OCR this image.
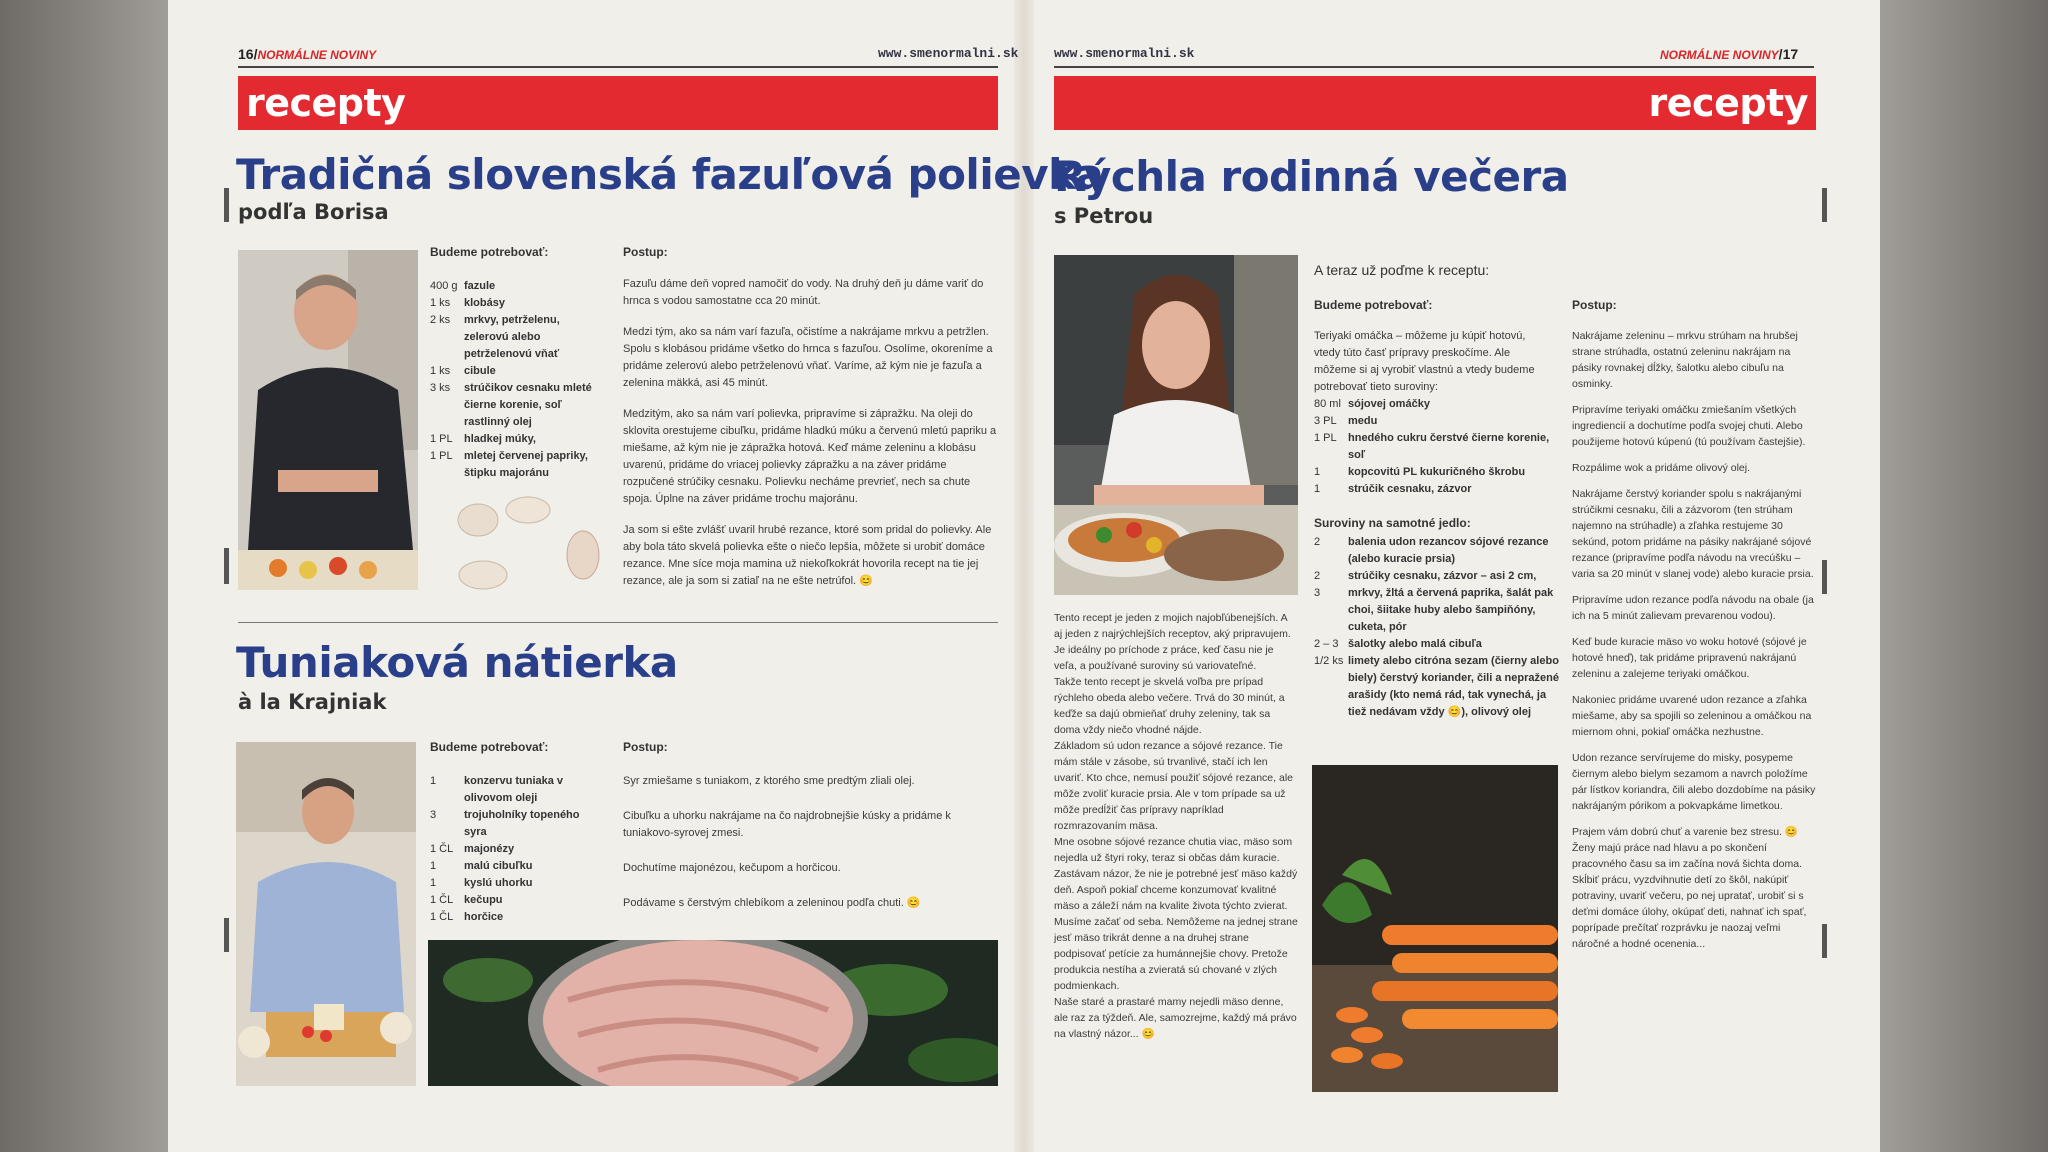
16/NORMÁLNE NOVINY	www.smenormalni.sk
recepty
Tradičná slovenská fazuľová polievka
podľa Borisa
Budeme potrebovať:
400 g fazule
1 ks	klobásy
2 ks	mrkvy, petrželenu, zelerovú alebo petrželenovú vňať
1 ks	cibule
3 ks	strúčikov cesnaku mleté čierne korenie, soľ rastlinný olej
1 PL	hladkej múky,
1 PL	mletej červenej papriky, štipku majoránu
Postup:

Fazuľu dáme deň vopred namočiť do vody. Na druhý deň ju dáme variť do hrnca s vodou samostatne cca 20 minút.

Medzi tým, ako sa nám varí fazuľa, očistíme a nakrájame mrkvu a petržlen. Spolu s klobásou pridáme všetko do hrnca s fazuľou. Osolíme, okoreníme a pridáme zelerovú alebo petrželenovú vňať. Varíme, až kým nie je fazuľa a zelenina mäkká, asi 45 minút.

Medzitým, ako sa nám varí polievka, pripravíme si zápražku. Na oleji do sklovita orestujeme cibuľku, pridáme hladkú múku a červenú mletú papriku a miešame, až kým nie je zápražka hotová. Keď máme zeleninu a klobásu uvarenú, pridáme do vriacej polievky zápražku a na záver pridáme rozpučené strúčiky cesnaku. Polievku necháme prevrieť, nech sa chute spoja. Úplne na záver pridáme trochu majoránu.

Ja som si ešte zvlášť uvaril hrubé rezance, ktoré som pridal do polievky. Ale aby bola táto skvelá polievka ešte o niečo lepšia, môžete si urobiť domáce rezance. Mne síce moja mamina už niekoľkokrát hovorila recept na tie jej rezance, ale ja som si zatiaľ na ne ešte netrúfol. 😊

Tuniaková nátierka
à la Krajniak
Budeme potrebovať:
1	konzervu tuniaka v olivovom oleji
3	trojuholníky topeného syra
1 ČL majonézy
1	malú cibuľku
1	kyslú uhorku
1 ČL kečupu
1 ČL horčice
Postup:

Syr zmiešame s tuniakom, z ktorého sme predtým zliali olej.

Cibuľku a uhorku nakrájame na čo najdrobnejšie kúsky a pridáme k tuniakovo-syrovej zmesi.

Dochutíme majonézou, kečupom a horčicou.

Podávame s čerstvým chlebíkom a zeleninou podľa chuti. 😊

www.smenormalni.sk	NORMÁLNE NOVINY/17
recepty
Rýchla rodinná večera
s Petrou

Tento recept je jeden z mojich najobľúbenejších. A aj jeden z najrýchlejších receptov, aký pripravujem. Je ideálny po príchode z práce, keď času nie je veľa, a používané suroviny sú variovateľné.

Takže tento recept je skvelá voľba pre prípad rýchleho obeda alebo večere. Trvá do 30 minút, a keďže sa dajú obmieňať druhy zeleniny, tak sa doma vždy niečo vhodné nájde.

Základom sú udon rezance a sójové rezance. Tie mám stále v zásobe, sú trvanlivé, stačí ich len uvariť. Kto chce, nemusí použiť sójové rezance, ale môže zvoliť kuracie prsia. Ale v tom prípade sa už môže predĺžiť čas prípravy napríklad rozmrazovaním mäsa.

Mne osobne sójové rezance chutia viac, mäso som nejedla už štyri roky, teraz si občas dám kuracie. Zastávam názor, že nie je potrebné jesť mäso každý deň. Aspoň pokiaľ chceme konzumovať kvalitné mäso a záleží nám na kvalite života týchto zvierat. Musíme začať od seba. Nemôžeme na jednej strane jesť mäso trikrát denne a na druhej strane podpisovať petície za humánnejšie chovy. Pretože produkcia nestíha a zvieratá sú chované v zlých podmienkach.

Naše staré a prastaré mamy nejedli mäso denne, ale raz za týždeň. Ale, samozrejme, každý má právo na vlastný názor... 😊

A teraz už poďme k receptu:
Budeme potrebovať:
Teriyaki omáčka – môžeme ju kúpiť hotovú, vtedy túto časť prípravy preskočíme. Ale môžeme si aj vyrobiť vlastnú a vtedy budeme potrebovať tieto suroviny:
80 ml sójovej omáčky
3 PL	medu
1 PL	hnedého cukru čerstvé čierne korenie, soľ
1	kopcovitú PL kukuričného škrobu
1	strúčik cesnaku, zázvor
Suroviny na samotné jedlo:
2	balenia udon rezancov sójové rezance (alebo kuracie prsia)
2	strúčiky cesnaku, zázvor – asi 2 cm,
3	mrkvy, žltá a červená paprika, šalát pak choi, šiitake huby alebo šampiňóny, cuketa, pór
2 – 3 šalotky alebo malá cibuľa
1/2 ks limety alebo citróna sezam (čierny alebo biely) čerstvý koriander, čili a nepražené arašidy (kto nemá rád, tak vynechá, ja tiež nedávam vždy 😊), olivový olej
Postup:

Nakrájame zeleninu – mrkvu strúham na hrubšej strane strúhadla, ostatnú zeleninu nakrájam na pásiky rovnakej dĺžky, šalotku alebo cibuľu na osminky.

Pripravíme teriyaki omáčku zmiešaním všetkých ingrediencií a dochutíme podľa svojej chuti. Alebo použijeme hotovú kúpenú (tú používam častejšie).

Rozpálime wok a pridáme olivový olej.

Nakrájame čerstvý koriander spolu s nakrájanými strúčikmi cesnaku, čili a zázvorom (ten strúham najemno na strúhadle) a zľahka restujeme 30 sekúnd, potom pridáme na pásiky nakrájané sójové rezance (pripravíme podľa návodu na vrecúšku – varia sa 20 minút v slanej vode) alebo kuracie prsia.

Pripravíme udon rezance podľa návodu na obale (ja ich na 5 minút zalievam prevarenou vodou).

Keď bude kuracie mäso vo woku hotové (sójové je hotové hneď), tak pridáme pripravenú nakrájanú zeleninu a zalejeme teriyaki omáčkou.

Nakoniec pridáme uvarené udon rezance a zľahka miešame, aby sa spojili so zeleninou a omáčkou na miernom ohni, pokiaľ omáčka nezhustne.

Udon rezance servírujeme do misky, posypeme čiernym alebo bielym sezamom a navrch položíme pár lístkov koriandra, čili alebo dozdobíme na pásiky nakrájaným pórikom a pokvapkáme limetkou.

Prajem vám dobrú chuť a varenie bez stresu. 😊 Ženy majú práce nad hlavu a po skončení pracovného času sa im začína nová šichta doma. Skĺbiť prácu, vyzdvihnutie detí zo škôl, nakúpiť potraviny, uvariť večeru, po nej upratať, urobiť si s deťmi domáce úlohy, okúpať deti, nahnať ich spať, poprípade prečítať rozprávku je naozaj veľmi náročné a hodné ocenenia...
